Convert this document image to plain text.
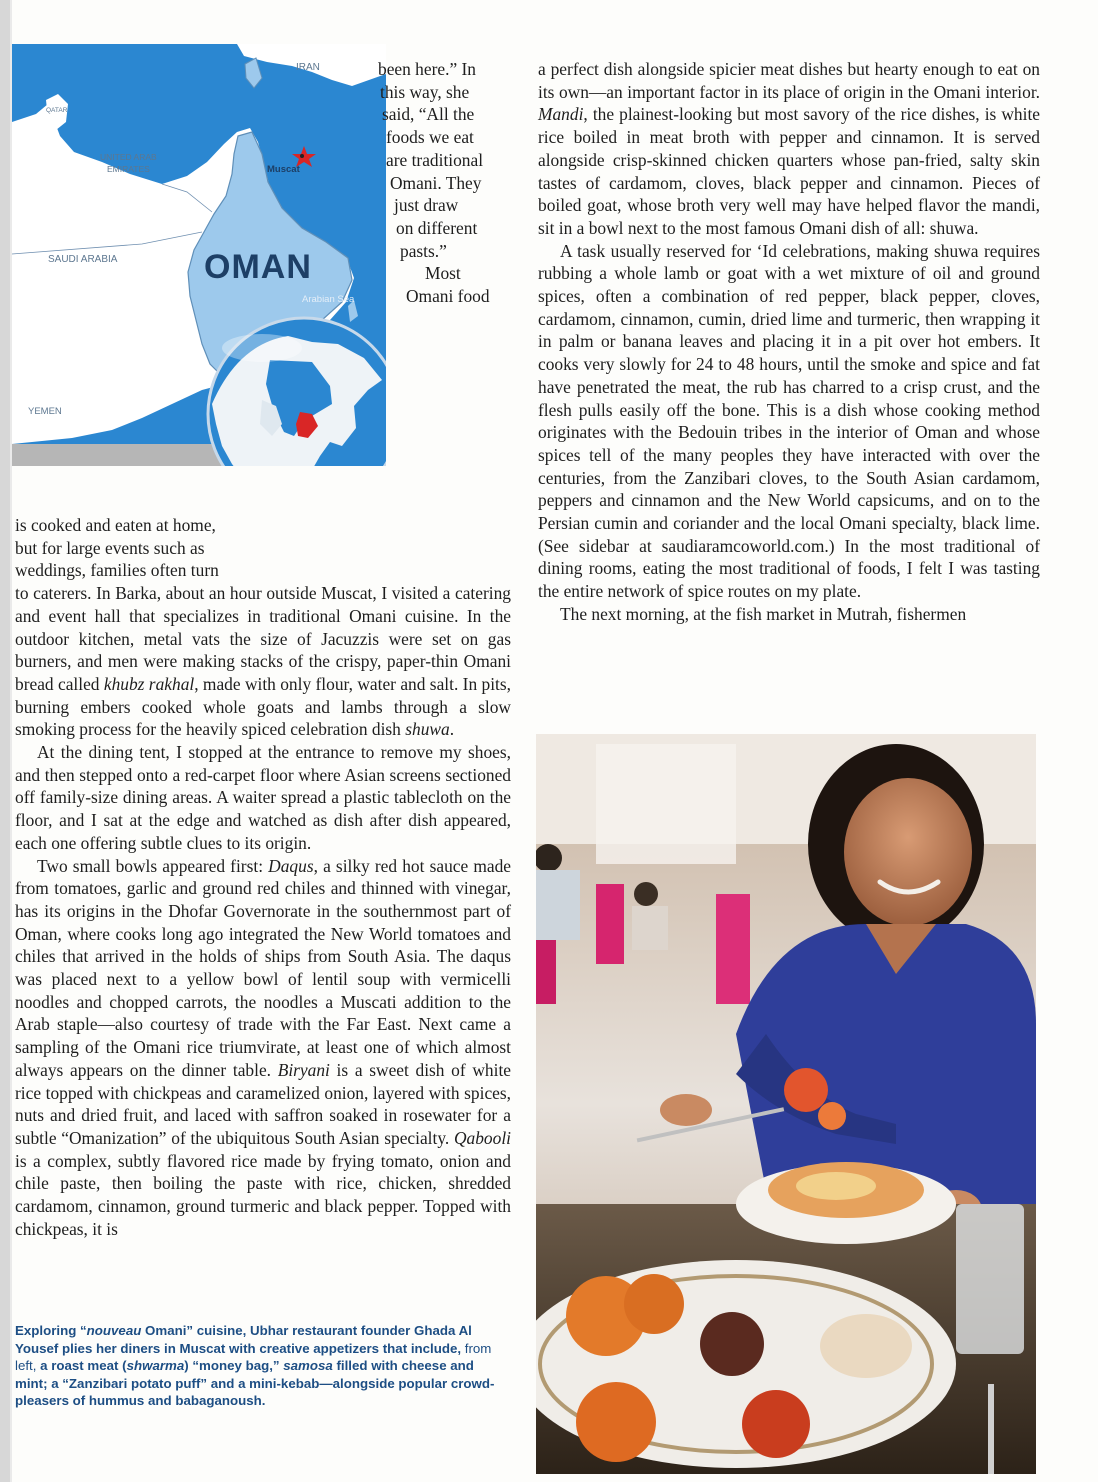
IRAN
QATAR
UNITED ARAB
EMIRATES	Muscat
SAUDI ARABIA	OMAN
Arabian Sea
YEMEN
been here.” In
this way, she
said, “All the
foods we eat
are traditional
Omani. They
just draw
on different
pasts.”
Most
Omani food
is cooked and eaten at home,
but for large events such as
weddings, families often turn

to caterers. In Barka, about an hour outside Muscat, I visited a catering and event hall that specializes in traditional Omani cuisine. In the outdoor kitchen, metal vats the size of Jacuzzis were set on gas burners, and men were making stacks of the crispy, paper-thin Omani bread called khubz rakhal, made with only flour, water and salt. In pits, burning embers cooked whole goats and lambs through a slow smoking process for the heavily spiced celebration dish shuwa.

At the dining tent, I stopped at the entrance to remove my shoes, and then stepped onto a red-carpet floor where Asian screens sectioned off family-size dining areas. A waiter spread a plastic tablecloth on the floor, and I sat at the edge and watched as dish after dish appeared, each one offering subtle clues to its origin.

Two small bowls appeared first: Daqus, a silky red hot sauce made from tomatoes, garlic and ground red chiles and thinned with vinegar, has its origins in the Dhofar Governorate in the southernmost part of Oman, where cooks long ago integrated the New World tomatoes and chiles that arrived in the holds of ships from South Asia. The daqus was placed next to a yellow bowl of lentil soup with vermicelli noodles and chopped carrots, the noodles a Muscati addition to the Arab staple—also courtesy of trade with the Far East. Next came a sampling of the Omani rice triumvirate, at least one of which almost always appears on the dinner table. Biryani is a sweet dish of white rice topped with chickpeas and caramelized onion, layered with spices, nuts and dried fruit, and laced with saffron soaked in rosewater for a subtle “Omanization” of the ubiquitous South Asian specialty. Qabooli is a complex, subtly flavored rice made by frying tomato, onion and chile paste, then boiling the paste with rice, chicken, shredded cardamom, cinnamon, ground turmeric and black pepper. Topped with chickpeas, it is

a perfect dish alongside spicier meat dishes but hearty enough to eat on its own—an important factor in its place of origin in the Omani interior. Mandi, the plainest-looking but most savory of the rice dishes, is white rice boiled in meat broth with pepper and cinnamon. It is served alongside crisp-skinned chicken quarters whose pan-fried, salty skin tastes of cardamom, cloves, black pepper and cinnamon. Pieces of boiled goat, whose broth very well may have helped flavor the mandi, sit in a bowl next to the most famous Omani dish of all: shuwa.

A task usually reserved for ‘Id celebrations, making shuwa requires rubbing a whole lamb or goat with a wet mixture of oil and ground spices, often a combination of red pepper, black pepper, cloves, cardamom, cinnamon, cumin, dried lime and turmeric, then wrapping it in palm or banana leaves and placing it in a pit over hot embers. It cooks very slowly for 24 to 48 hours, until the smoke and spice and fat have penetrated the meat, the rub has charred to a crisp crust, and the flesh pulls easily off the bone. This is a dish whose cooking method originates with the Bedouin tribes in the interior of Oman and whose spices tell of the many peoples they have interacted with over the centuries, from the Zanzibari cloves, to the South Asian cardamom, peppers and cinnamon and the New World capsicums, and on to the Persian cumin and coriander and the local Omani specialty, black lime. (See sidebar at saudiaramcoworld.com.) In the most traditional of dining rooms, eating the most traditional of foods, I felt I was tasting the entire network of spice routes on my plate.

The next morning, at the fish market in Mutrah, fishermen

Exploring “nouveau Omani” cuisine, Ubhar restaurant founder Ghada Al Yousef plies her diners in Muscat with creative appetizers that include, from left, a roast meat (shwarma) “money bag,” samosa filled with cheese and mint; a “Zanzibari potato puff” and a mini-kebab—alongside popular crowd-pleasers of hummus and babaganoush.
